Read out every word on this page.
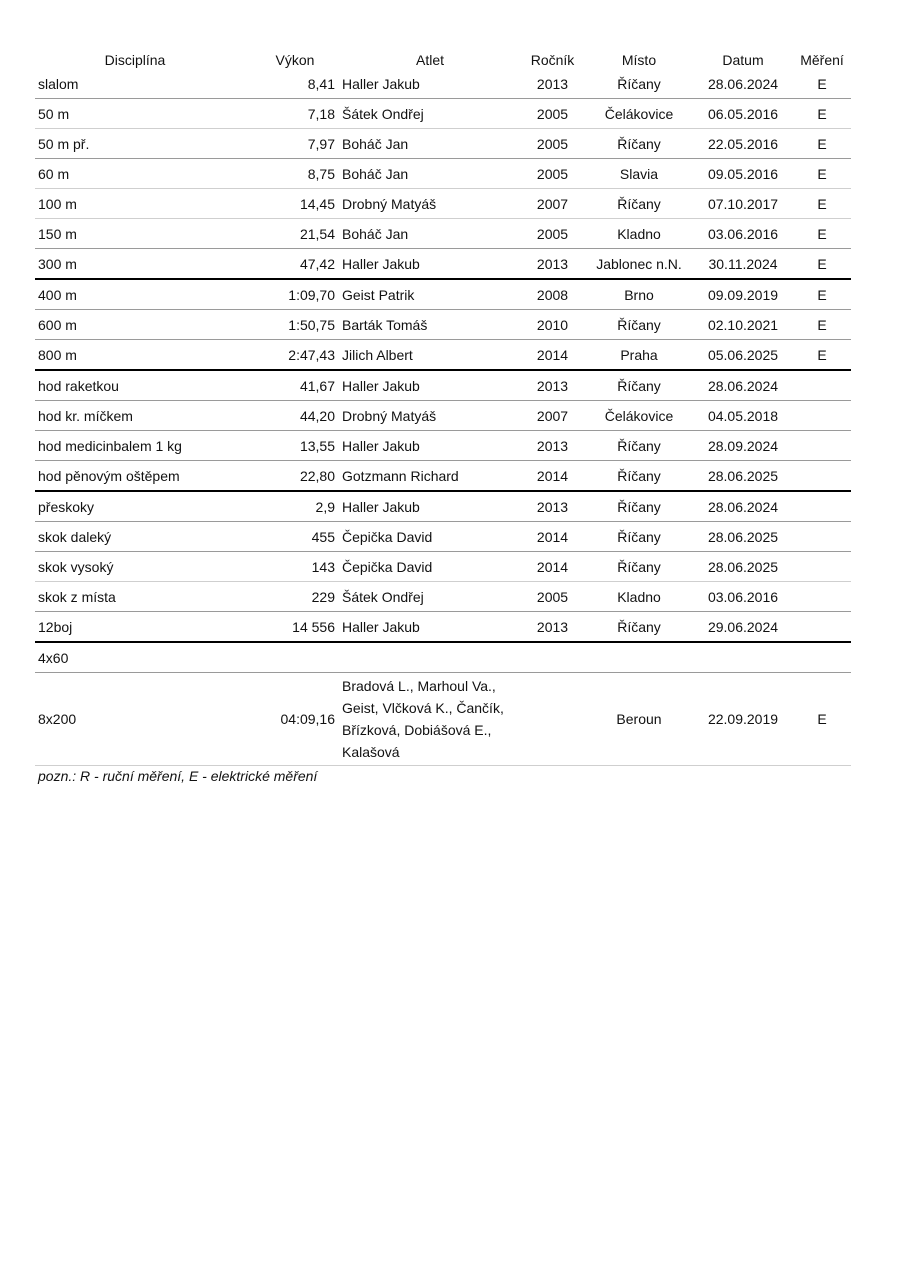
Disciplína	Výkon	Atlet	Ročník	Místo	Datum	Měření
slalom	8,41	Haller Jakub	2013	Říčany	28.06.2024	E
50 m	7,18	Šátek Ondřej	2005	Čelákovice	06.05.2016	E
50 m př.	7,97	Boháč Jan	2005	Říčany	22.05.2016	E
60 m	8,75	Boháč Jan	2005	Slavia	09.05.2016	E
100 m	14,45	Drobný Matyáš	2007	Říčany	07.10.2017	E
150 m	21,54	Boháč Jan	2005	Kladno	03.06.2016	E
300 m	47,42	Haller Jakub	2013	Jablonec n.N.	30.11.2024	E
400 m	1:09,70	Geist Patrik	2008	Brno	09.09.2019	E
600 m	1:50,75	Barták Tomáš	2010	Říčany	02.10.2021	E
800 m	2:47,43	Jilich Albert	2014	Praha	05.06.2025	E
hod raketkou	41,67	Haller Jakub	2013	Říčany	28.06.2024	
hod kr. míčkem	44,20	Drobný Matyáš	2007	Čelákovice	04.05.2018	
hod medicinbalem 1 kg	13,55	Haller Jakub	2013	Říčany	28.09.2024	
hod pěnovým oštěpem	22,80	Gotzmann Richard	2014	Říčany	28.06.2025	
přeskoky	2,9	Haller Jakub	2013	Říčany	28.06.2024	
skok daleký	455	Čepička David	2014	Říčany	28.06.2025	
skok vysoký	143	Čepička David	2014	Říčany	28.06.2025	
skok z místa	229	Šátek Ondřej	2005	Kladno	03.06.2016	
12boj	14 556	Haller Jakub	2013	Říčany	29.06.2024	
4x60						
8x200	04:09,16	Bradová L., Marhoul Va., Geist, Vlčková K., Čančík, Břízková, Dobiášová E., Kalašová		Beroun	22.09.2019	E
pozn.: R - ruční měření, E - elektrické měření						
